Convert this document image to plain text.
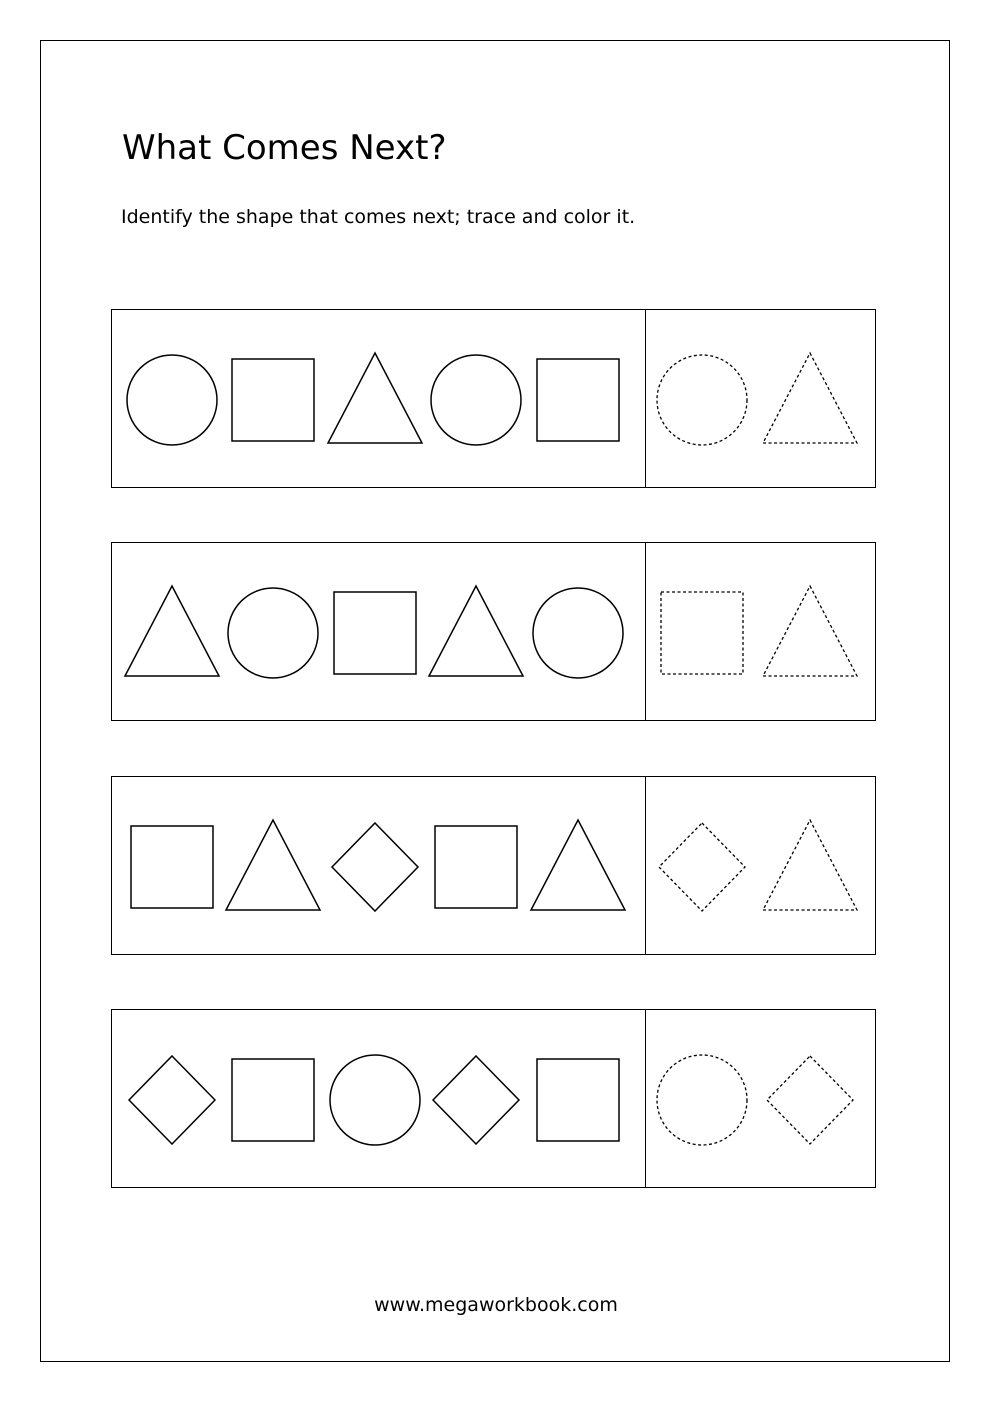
What Comes Next?

Identify the shape that comes next; trace and color it.

www.megaworkbook.com
